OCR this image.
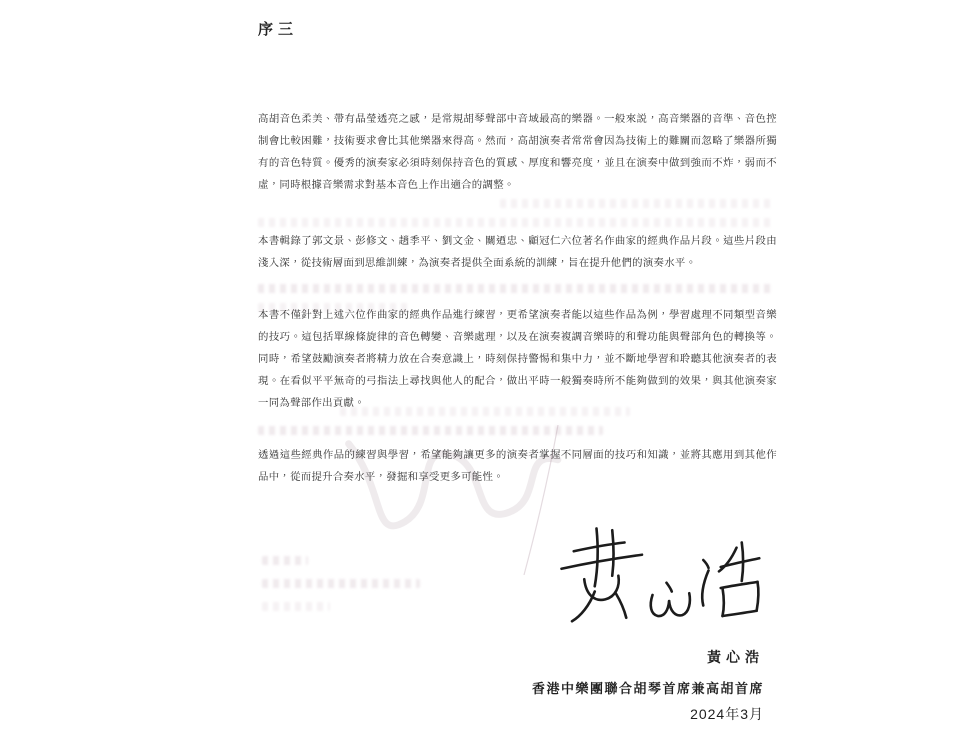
序三

高胡音色柔美、帶有晶瑩透亮之感，是常規胡琴聲部中音域最高的樂器。一般來説，高音樂器的音準、音色控制會比較困難，技術要求會比其他樂器來得高。然而，高胡演奏者常常會因為技術上的難關而忽略了樂器所獨有的音色特質。優秀的演奏家必須時刻保持音色的質感、厚度和響亮度，並且在演奏中做到強而不炸，弱而不虛，同時根據音樂需求對基本音色上作出適合的調整。

本書輯錄了郭文景、彭修文、趙季平、劉文金、關迺忠、顧冠仁六位著名作曲家的經典作品片段。這些片段由淺入深，從技術層面到思維訓練，為演奏者提供全面系統的訓練，旨在提升他們的演奏水平。

本書不僅針對上述六位作曲家的經典作品進行練習，更希望演奏者能以這些作品為例，學習處理不同類型音樂的技巧。這包括單線條旋律的音色轉變、音樂處理，以及在演奏複調音樂時的和聲功能與聲部角色的轉換等。同時，希望鼓勵演奏者將精力放在合奏意識上，時刻保持警惕和集中力，並不斷地學習和聆聽其他演奏者的表現。在看似平平無奇的弓指法上尋找與他人的配合，做出平時一般獨奏時所不能夠做到的效果，與其他演奏家一同為聲部作出貢獻。

透過這些經典作品的練習與學習，希望能夠讓更多的演奏者掌握不同層面的技巧和知識，並將其應用到其他作品中，從而提升合奏水平，發掘和享受更多可能性。

黃心浩
香港中樂團聯合胡琴首席兼高胡首席
2024年3月
